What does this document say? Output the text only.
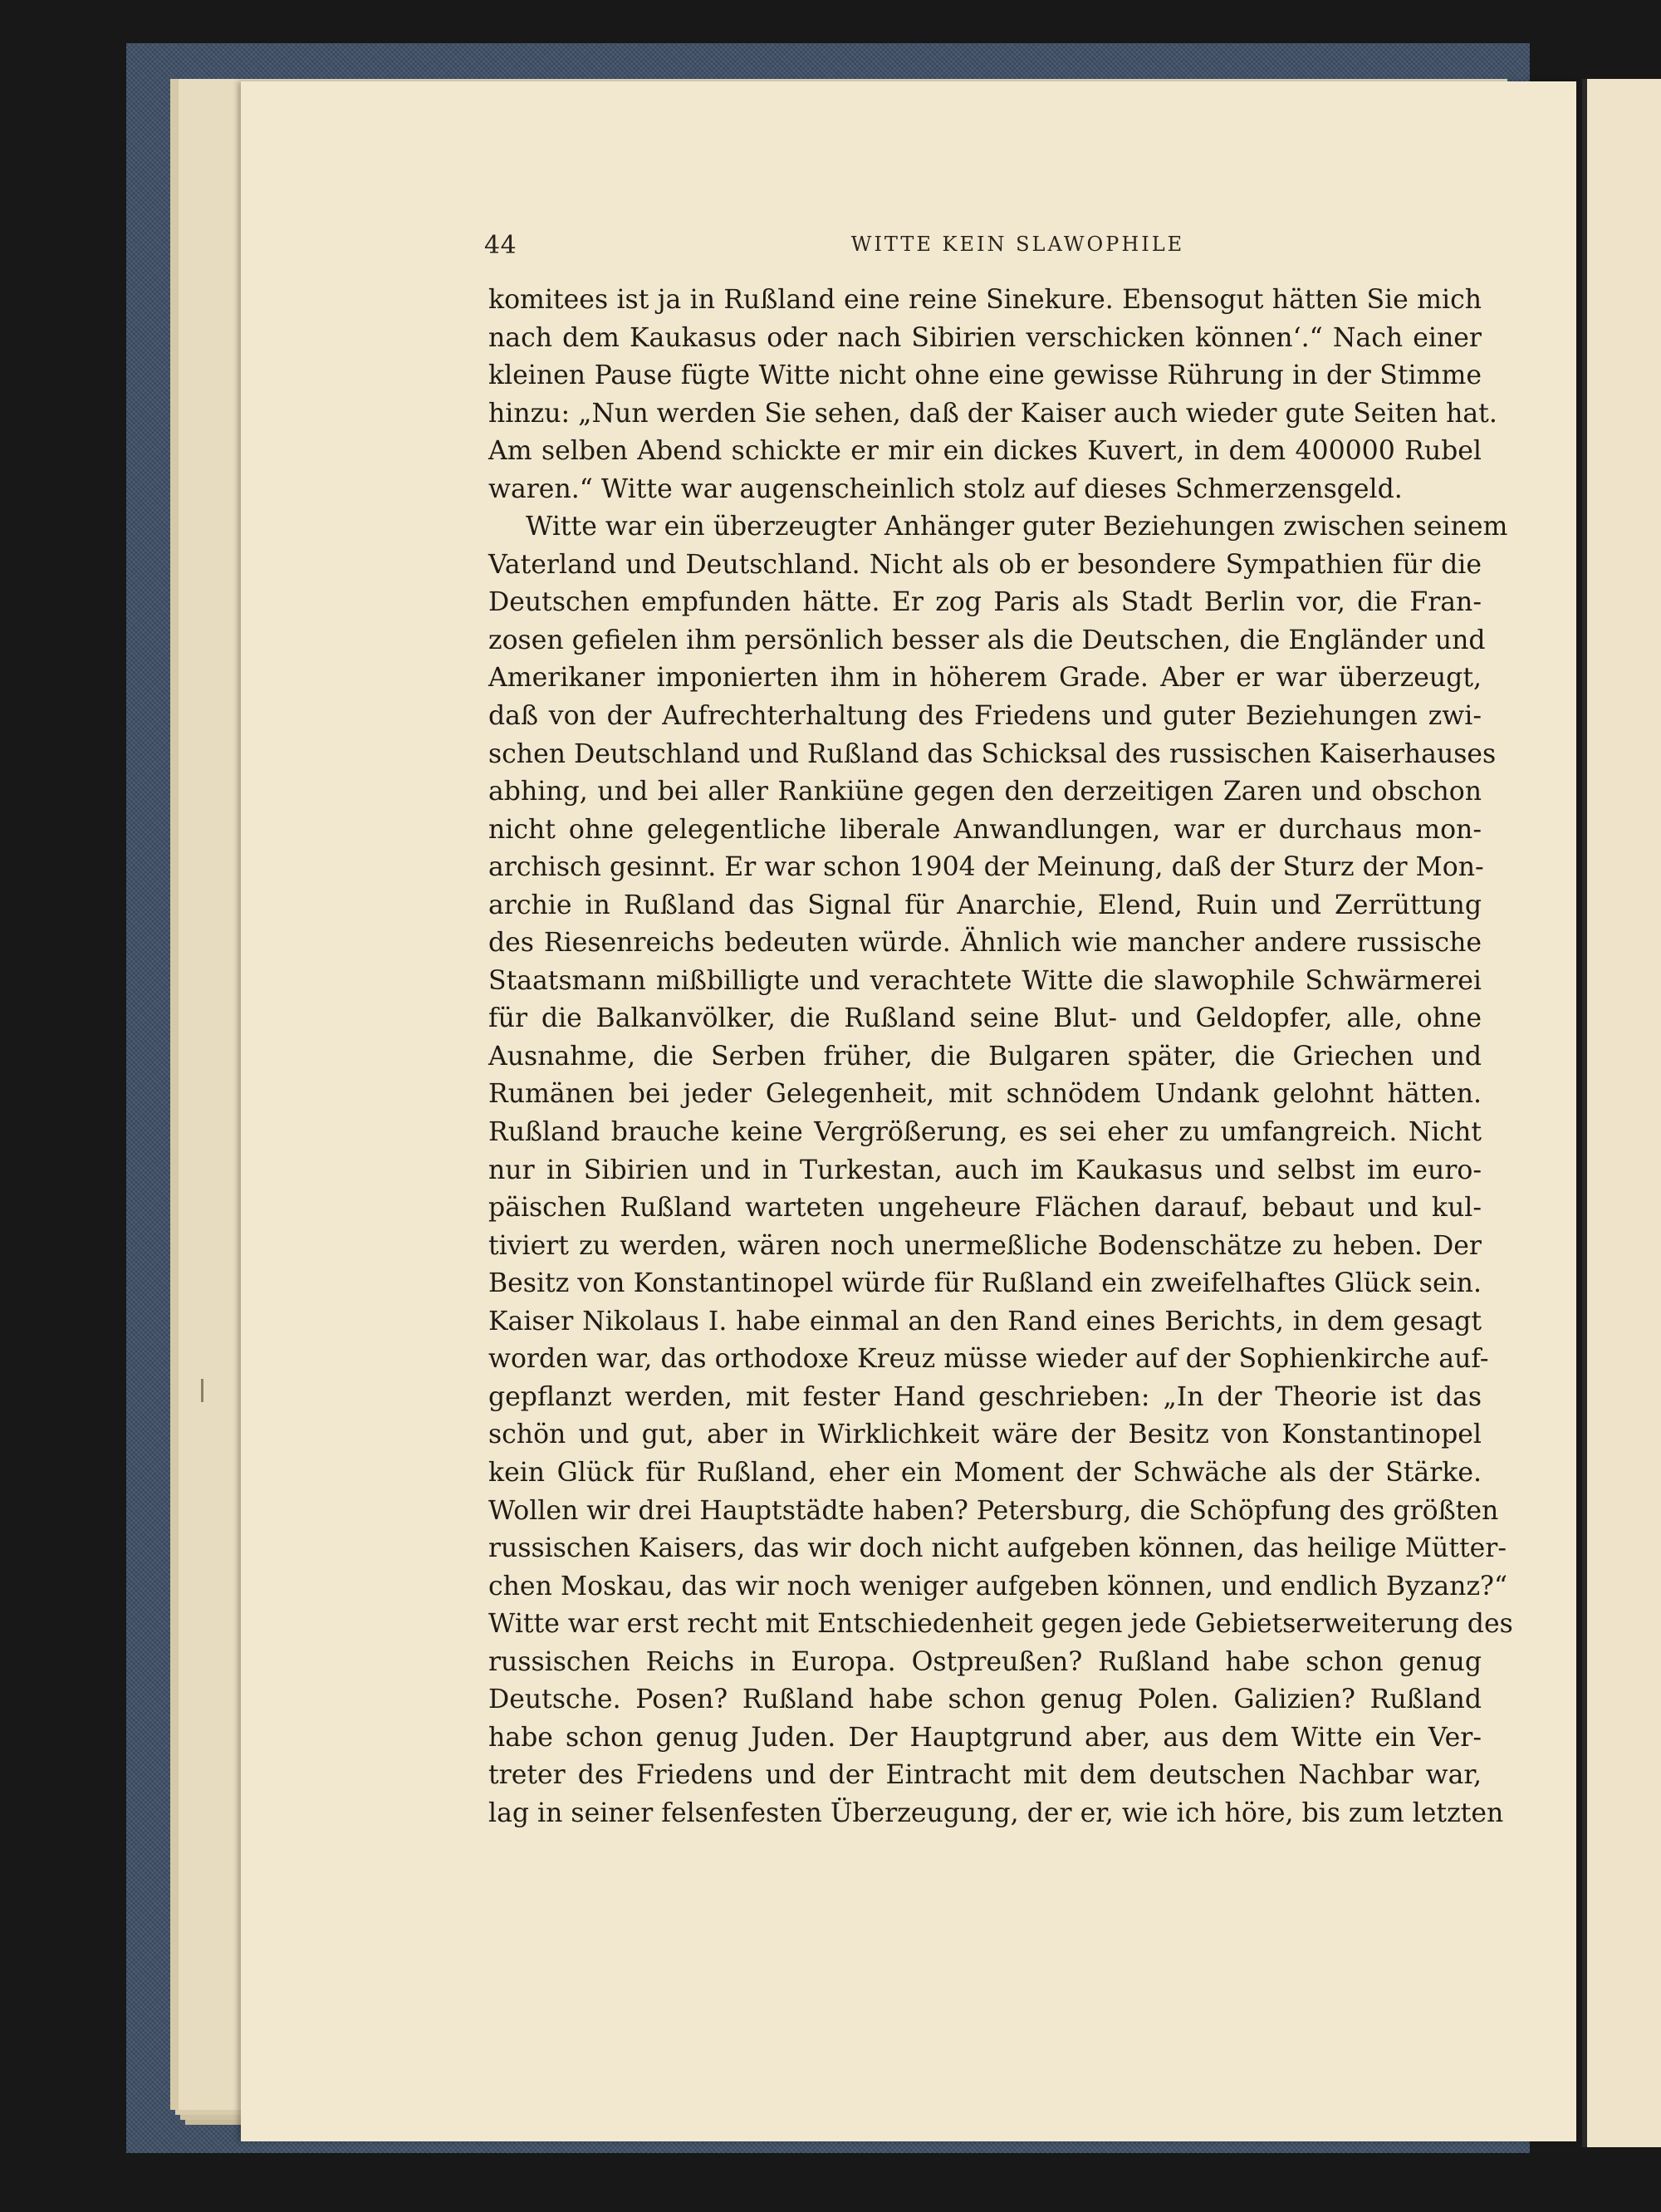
44	WITTE KEIN SLAWOPHILE
komitees ist ja in Rußland eine reine Sinekure. Ebensogut hätten Sie mich
nach dem Kaukasus oder nach Sibirien verschicken können‘.“ Nach einer
kleinen Pause fügte Witte nicht ohne eine gewisse Rührung in der Stimme
hinzu: „Nun werden Sie sehen, daß der Kaiser auch wieder gute Seiten hat.
Am selben Abend schickte er mir ein dickes Kuvert, in dem 400000 Rubel
waren.“ Witte war augenscheinlich stolz auf dieses Schmerzensgeld.
Witte war ein überzeugter Anhänger guter Beziehungen zwischen seinem
Vaterland und Deutschland. Nicht als ob er besondere Sympathien für die
Deutschen empfunden hätte. Er zog Paris als Stadt Berlin vor, die Fran-
zosen gefielen ihm persönlich besser als die Deutschen, die Engländer und
Amerikaner imponierten ihm in höherem Grade. Aber er war überzeugt,
daß von der Aufrechterhaltung des Friedens und guter Beziehungen zwi-
schen Deutschland und Rußland das Schicksal des russischen Kaiserhauses
abhing, und bei aller Rankiüne gegen den derzeitigen Zaren und obschon
nicht ohne gelegentliche liberale Anwandlungen, war er durchaus mon-
archisch gesinnt. Er war schon 1904 der Meinung, daß der Sturz der Mon-
archie in Rußland das Signal für Anarchie, Elend, Ruin und Zerrüttung
des Riesenreichs bedeuten würde. Ähnlich wie mancher andere russische
Staatsmann mißbilligte und verachtete Witte die slawophile Schwärmerei
für die Balkanvölker, die Rußland seine Blut- und Geldopfer, alle, ohne
Ausnahme, die Serben früher, die Bulgaren später, die Griechen und
Rumänen bei jeder Gelegenheit, mit schnödem Undank gelohnt hätten.
Rußland brauche keine Vergrößerung, es sei eher zu umfangreich. Nicht
nur in Sibirien und in Turkestan, auch im Kaukasus und selbst im euro-
päischen Rußland warteten ungeheure Flächen darauf, bebaut und kul-
tiviert zu werden, wären noch unermeßliche Bodenschätze zu heben. Der
Besitz von Konstantinopel würde für Rußland ein zweifelhaftes Glück sein.
Kaiser Nikolaus I. habe einmal an den Rand eines Berichts, in dem gesagt
worden war, das orthodoxe Kreuz müsse wieder auf der Sophienkirche auf-
gepflanzt werden, mit fester Hand geschrieben: „In der Theorie ist das
schön und gut, aber in Wirklichkeit wäre der Besitz von Konstantinopel
kein Glück für Rußland, eher ein Moment der Schwäche als der Stärke.
Wollen wir drei Hauptstädte haben? Petersburg, die Schöpfung des größten
russischen Kaisers, das wir doch nicht aufgeben können, das heilige Mütter-
chen Moskau, das wir noch weniger aufgeben können, und endlich Byzanz?“
Witte war erst recht mit Entschiedenheit gegen jede Gebietserweiterung des
russischen Reichs in Europa. Ostpreußen? Rußland habe schon genug
Deutsche. Posen? Rußland habe schon genug Polen. Galizien? Rußland
habe schon genug Juden. Der Hauptgrund aber, aus dem Witte ein Ver-
treter des Friedens und der Eintracht mit dem deutschen Nachbar war,
lag in seiner felsenfesten Überzeugung, der er, wie ich höre, bis zum letzten
